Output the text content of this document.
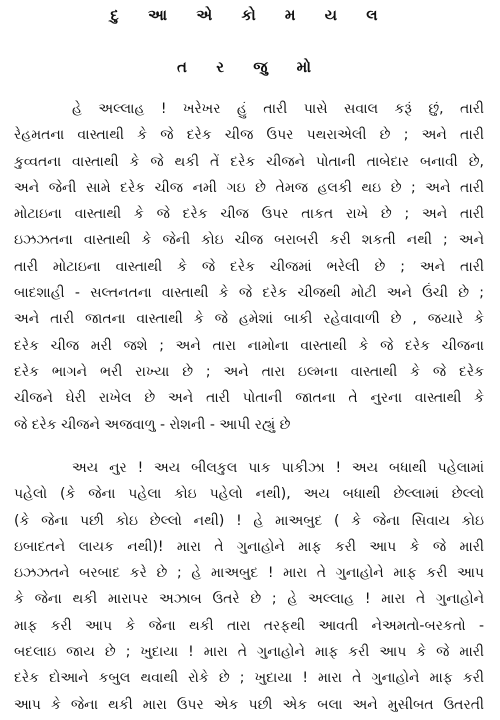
દુ આ એ કો મ ય લ
ત ર જુ મો
હે અલ્લાહ ! ખરેખર હું તારી પાસે સવાલ કરૂં છું, તારી
રેહમતના વાસ્તાથી કે જે દરેક ચીજ ઉપર પથરાએલી છે ; અને તારી
કુવ્વતના વાસ્તાથી કે જે થકી તેં દરેક ચીજને પોતાની તાબેદાર બનાવી છે,
અને જેની સામે દરેક ચીજ નમી ગઇ છે તેમજ હલકી થઇ છે ; અને તારી
મોટાઇના વાસ્તાથી કે જે દરેક ચીજ ઉપર તાકત રાખે છે ; અને તારી
ઇઝઝતના વાસ્તાથી કે જેની કોઇ ચીજ બરાબરી કરી શકતી નથી ; અને
તારી મોટાઇના વાસ્તાથી કે જે દરેક ચીજમાં ભરેલી છે ; અને તારી
બાદશાહી - સલ્તનતના વાસ્તાથી કે જે દરેક ચીજથી મોટી અને ઉંચી છે ;
અને તારી જાતના વાસ્તાથી કે જે હમેશાં બાકી રહેવાવાળી છે , જયારે કે
દરેક ચીજ મરી જશે ; અને તારા નામોના વાસ્તાથી કે જે દરેક ચીજના
દરેક ભાગને ભરી રાખ્યા છે ; અને તારા ઇલ્મના વાસ્તાથી કે જે દરેક
ચીજને ઘેરી રાખેલ છે અને તારી પોતાની જાતના તે નુરના વાસ્તાથી કે
જે દરેક ચીજને અજવાળુ - રોશની - આપી રહ્યું છે
અય નુર ! અય બીલકુલ પાક પાકીઝા ! અય બધાથી પહેલામાં
પહેલો (કે જેના પહેલા કોઇ પહેલો નથી), અય બધાથી છેલ્લામાં છેલ્લો
(કે જેના પછી કોઇ છેલ્લો નથી) ! હે માઅબુદ ( કે જેના સિવાય કોઇ
ઇબાદતને લાયક નથી)! મારા તે ગુનાહોને માફ કરી આપ કે જે મારી
ઇઝઝતને બરબાદ કરે છે ; હે માઅબુદ ! મારા તે ગુનાહોને માફ કરી આપ
કે જેના થકી મારાપર અઝાબ ઉતરે છે ; હે અલ્લાહ ! મારા તે ગુનાહોને
માફ કરી આપ કે જેના થકી તારા તરફથી આવતી નેઅમતો-બરકતો -
બદલાઇ જાય છે ; ખુદાયા ! મારા તે ગુનાહોને માફ કરી આપ કે જે મારી
દરેક દોઆને કબુલ થવાથી રોકે છે ; ખુદાયા ! મારા તે ગુનાહોને માફ કરી
આપ કે જેના થકી મારા ઉપર એક પછી એક બલા અને મુસીબત ઉતરતી
